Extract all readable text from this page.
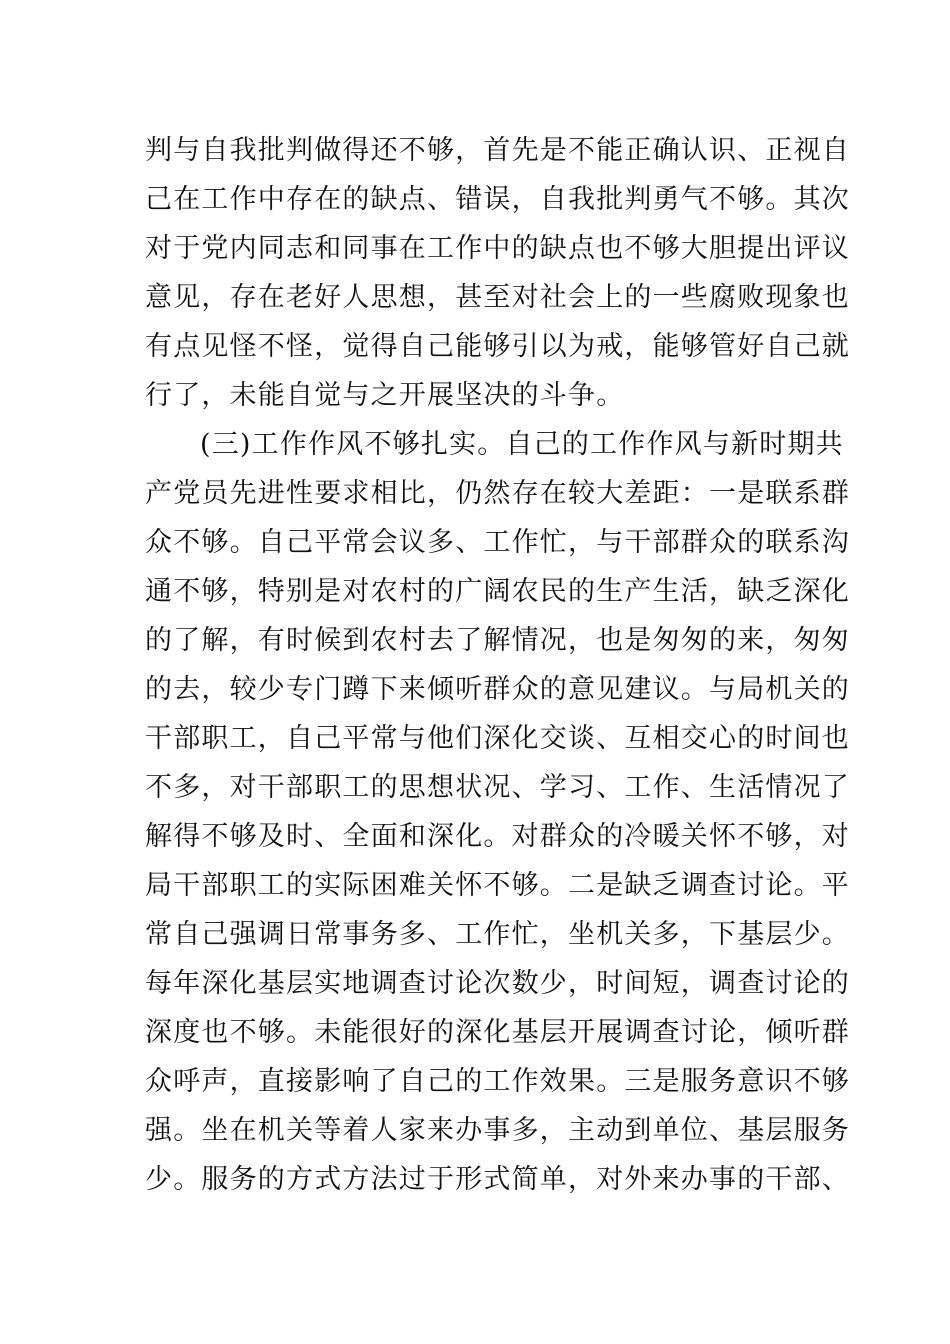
判与自我批判做得还不够，首先是不能正确认识、正视自
己在工作中存在的缺点、错误，自我批判勇气不够。其次
对于党内同志和同事在工作中的缺点也不够大胆提出评议
意见，存在老好人思想，甚至对社会上的一些腐败现象也
有点见怪不怪，觉得自己能够引以为戒，能够管好自己就
行了，未能自觉与之开展坚决的斗争。
(三)工作作风不够扎实。自己的工作作风与新时期共
产党员先进性要求相比，仍然存在较大差距：一是联系群
众不够。自己平常会议多、工作忙，与干部群众的联系沟
通不够，特别是对农村的广阔农民的生产生活，缺乏深化
的了解，有时候到农村去了解情况，也是匆匆的来，匆匆
的去，较少专门蹲下来倾听群众的意见建议。与局机关的
干部职工，自己平常与他们深化交谈、互相交心的时间也
不多，对干部职工的思想状况、学习、工作、生活情况了
解得不够及时、全面和深化。对群众的冷暖关怀不够，对
局干部职工的实际困难关怀不够。二是缺乏调查讨论。平
常自己强调日常事务多、工作忙，坐机关多，下基层少。
每年深化基层实地调查讨论次数少，时间短，调查讨论的
深度也不够。未能很好的深化基层开展调查讨论，倾听群
众呼声，直接影响了自己的工作效果。三是服务意识不够
强。坐在机关等着人家来办事多，主动到单位、基层服务
少。服务的方式方法过于形式简单，对外来办事的干部、
